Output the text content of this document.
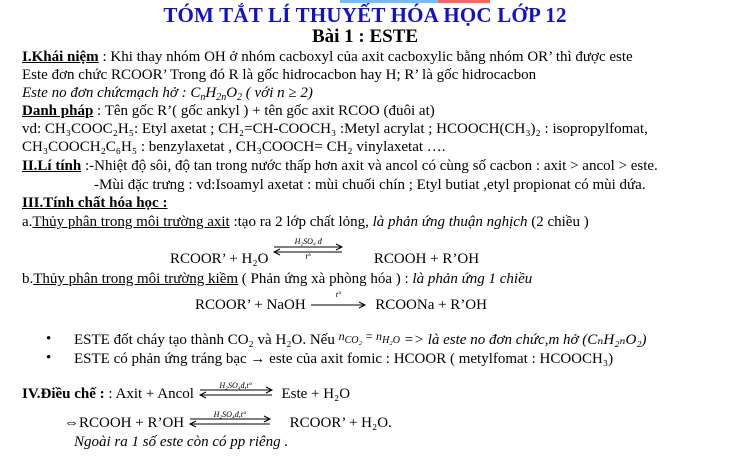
TÓM TẮT LÍ THUYẾT HÓA HỌC LỚP 12
Bài 1 : ESTE
I.Khái niệm : Khi thay nhóm OH ở nhóm cacboxyl của axit cacboxylic bằng nhóm OR’ thì được este
Este đơn chức RCOOR’ Trong đó R là gốc hidrocacbon hay H; R’ là gốc hidrocacbon
Este no đơn chứcmạch hở : $C_nH_{2n}O_2$ ( với n ≥ 2)
Danh pháp : Tên gốc R’( gốc ankyl ) + tên gốc axit RCOO (đuôi at)
vd: CH₃COOC₂H₅: Etyl axetat ; CH₂=CH-COOCH₃ :Metyl acrylat ; HCOOCH(CH₃)₂ : isopropylfomat,
CH₃COOCH₂C₆H₅ : benzylaxetat , CH₃COOCH= CH₂ vinylaxetat ….
II.Lí tính :-Nhiệt độ sôi, độ tan trong nước thấp hơn axit và ancol có cùng số cacbon : axit > ancol > este.
-Mùi đặc trưng : vd:Isoamyl axetat : mùi chuối chín ; Etyl butiat ,etyl propionat có mùi dứa.
III.Tính chất hóa học :
a.Thủy phân trong môi trường axit :tạo ra 2 lớp chất lỏng, là phản ứng thuận nghịch (2 chiều )
RCOOR’ + H₂O
H₂SO₄ đ
t°	RCOOH + R’OH
b.Thủy phân trong môi trường kiềm ( Phản ứng xà phòng hóa ) : là phản ứng 1 chiều
RCOOR’ + NaOH
t°
RCOONa + R’OH
• ESTE đốt cháy tạo thành CO₂ và H₂O. Nếu $^{n_{CO_2} = n_{H_2O}}$ => là este no đơn chức,m hở (CₙH₂ₙO₂)
• ESTE có phản ứng tráng bạc → este của axit fomic : HCOOR ( metylfomat : HCOOCH₃)
IV.Điều chế : : Axit + Ancol
H₂SO₄đ,t°
Este + H₂O
⇔RCOOH + R’OH
H₂SO₄đ,t°
RCOOR’ + H₂O.
Ngoài ra 1 số este còn có pp riêng .
